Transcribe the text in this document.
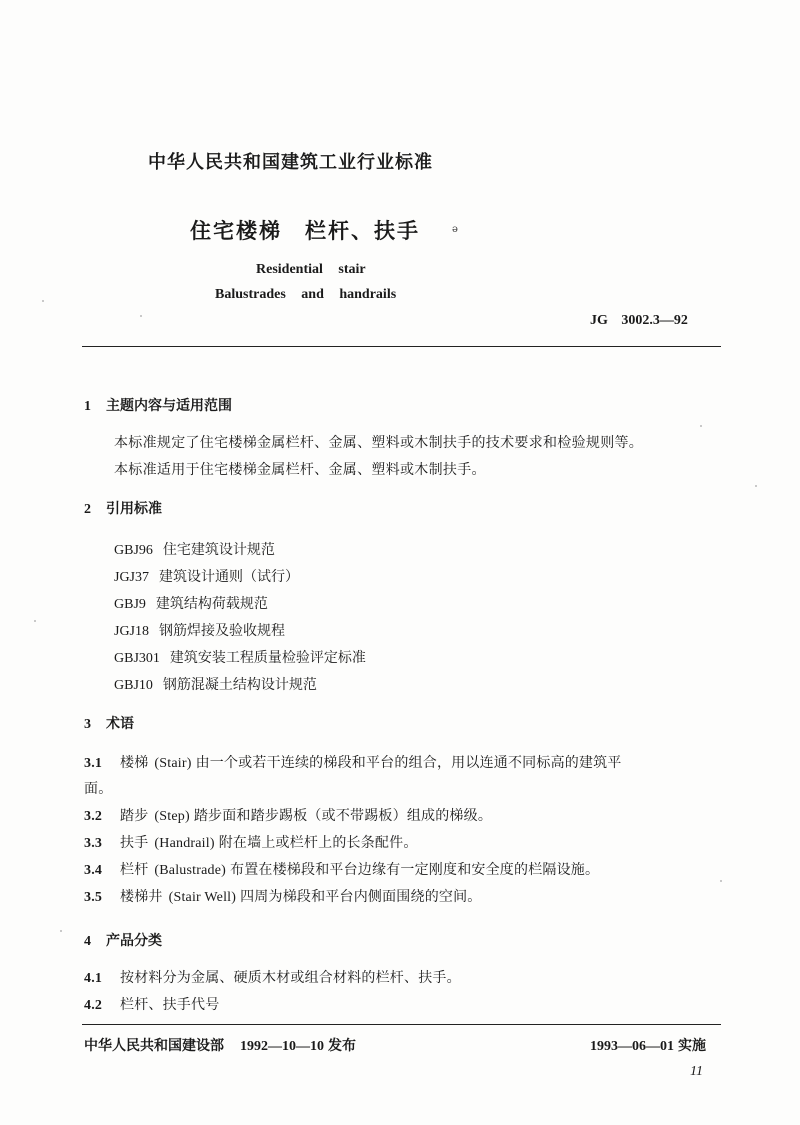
中华人民共和国建筑工业行业标准
住宅楼梯　栏杆、扶手	ə
Residential stair
Balustrades and handrails
JG 3002.3—92
1 主题内容与适用范围
本标准规定了住宅楼梯金属栏杆、金属、塑料或木制扶手的技术要求和检验规则等。
本标准适用于住宅楼梯金属栏杆、金属、塑料或木制扶手。
2 引用标准
GBJ96 住宅建筑设计规范
JGJ37 建筑设计通则（试行）
GBJ9 建筑结构荷载规范
JGJ18 钢筋焊接及验收规程
GBJ301 建筑安装工程质量检验评定标准
GBJ10 钢筋混凝土结构设计规范
3 术语
3.1 楼梯 (Stair) 由一个或若干连续的梯段和平台的组合，用以连通不同标高的建筑平
面。
3.2 踏步 (Step) 踏步面和踏步踢板（或不带踢板）组成的梯级。
3.3 扶手 (Handrail) 附在墙上或栏杆上的长条配件。
3.4 栏杆 (Balustrade) 布置在楼梯段和平台边缘有一定刚度和安全度的栏隔设施。
3.5 楼梯井 (Stair Well) 四周为梯段和平台内侧面围绕的空间。
4 产品分类
4.1 按材料分为金属、硬质木材或组合材料的栏杆、扶手。
4.2 栏杆、扶手代号
中华人民共和国建设部 1992—10—10 发布	1993—06—01 实施
11
